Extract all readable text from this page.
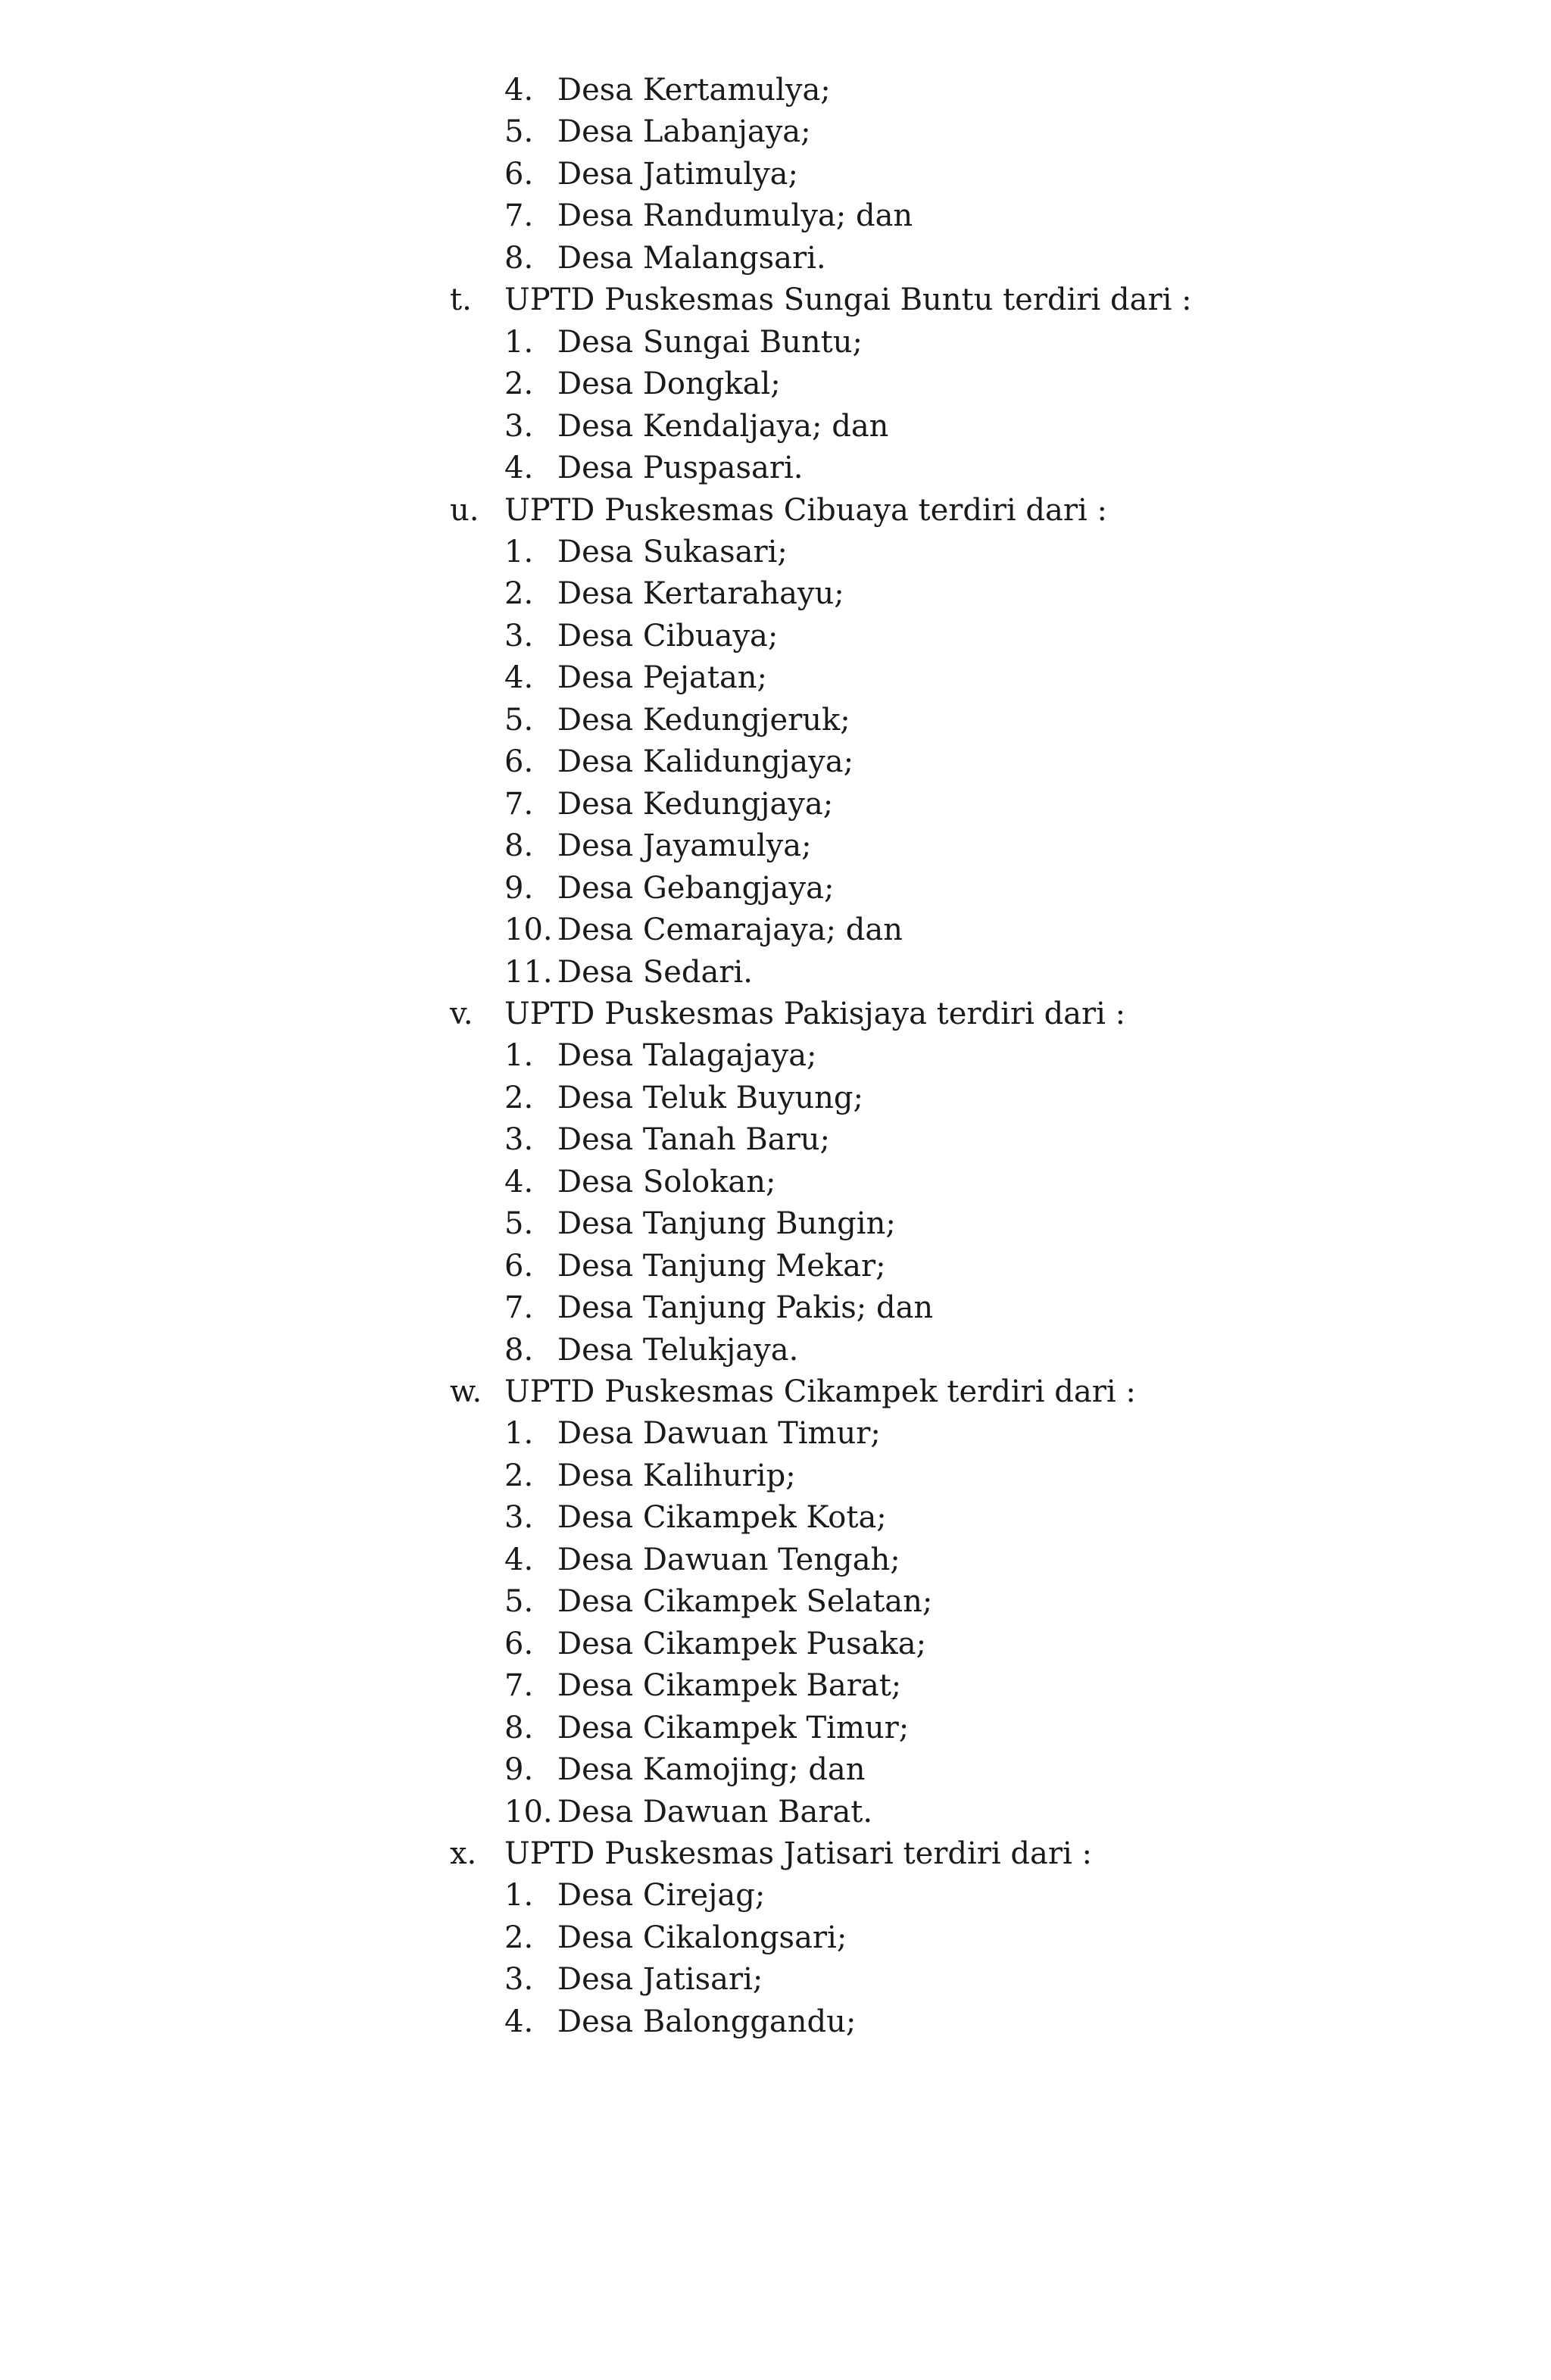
4. Desa Kertamulya;
5. Desa Labanjaya;
6. Desa Jatimulya;
7. Desa Randumulya; dan
8. Desa Malangsari.
t. UPTD Puskesmas Sungai Buntu terdiri dari :
1. Desa Sungai Buntu;
2. Desa Dongkal;
3. Desa Kendaljaya; dan
4. Desa Puspasari.
u. UPTD Puskesmas Cibuaya terdiri dari :
1. Desa Sukasari;
2. Desa Kertarahayu;
3. Desa Cibuaya;
4. Desa Pejatan;
5. Desa Kedungjeruk;
6. Desa Kalidungjaya;
7. Desa Kedungjaya;
8. Desa Jayamulya;
9. Desa Gebangjaya;
10. Desa Cemarajaya; dan
11. Desa Sedari.
v. UPTD Puskesmas Pakisjaya terdiri dari :
1. Desa Talagajaya;
2. Desa Teluk Buyung;
3. Desa Tanah Baru;
4. Desa Solokan;
5. Desa Tanjung Bungin;
6. Desa Tanjung Mekar;
7. Desa Tanjung Pakis; dan
8. Desa Telukjaya.
w. UPTD Puskesmas Cikampek terdiri dari :
1. Desa Dawuan Timur;
2. Desa Kalihurip;
3. Desa Cikampek Kota;
4. Desa Dawuan Tengah;
5. Desa Cikampek Selatan;
6. Desa Cikampek Pusaka;
7. Desa Cikampek Barat;
8. Desa Cikampek Timur;
9. Desa Kamojing; dan
10. Desa Dawuan Barat.
x. UPTD Puskesmas Jatisari terdiri dari :
1. Desa Cirejag;
2. Desa Cikalongsari;
3. Desa Jatisari;
4. Desa Balonggandu;
